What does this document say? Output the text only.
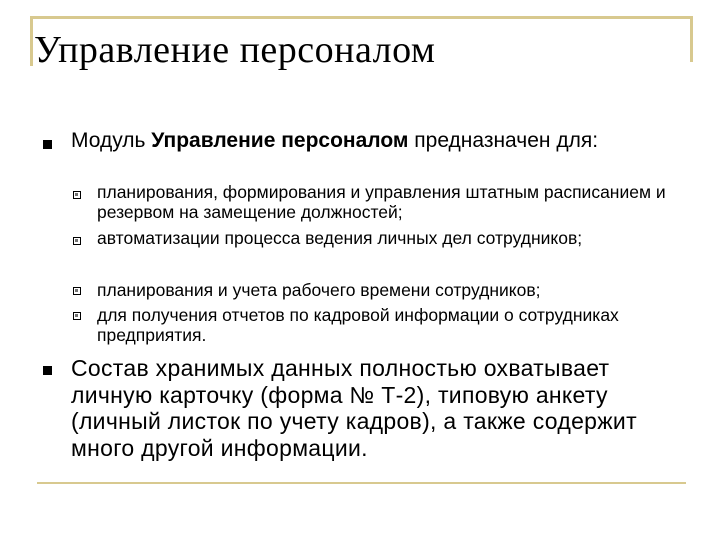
Управление персоналом
Модуль Управление персоналом предназначен для:
планирования, формирования и управления штатным расписанием и резервом на замещение должностей;
автоматизации процесса ведения личных дел сотрудников;
планирования и учета рабочего времени сотрудников;
для получения отчетов по кадровой информации о сотрудниках предприятия.
Состав хранимых данных полностью охватывает личную карточку (форма № Т-2), типовую анкету (личный листок по учету кадров), а также содержит много другой информации.
